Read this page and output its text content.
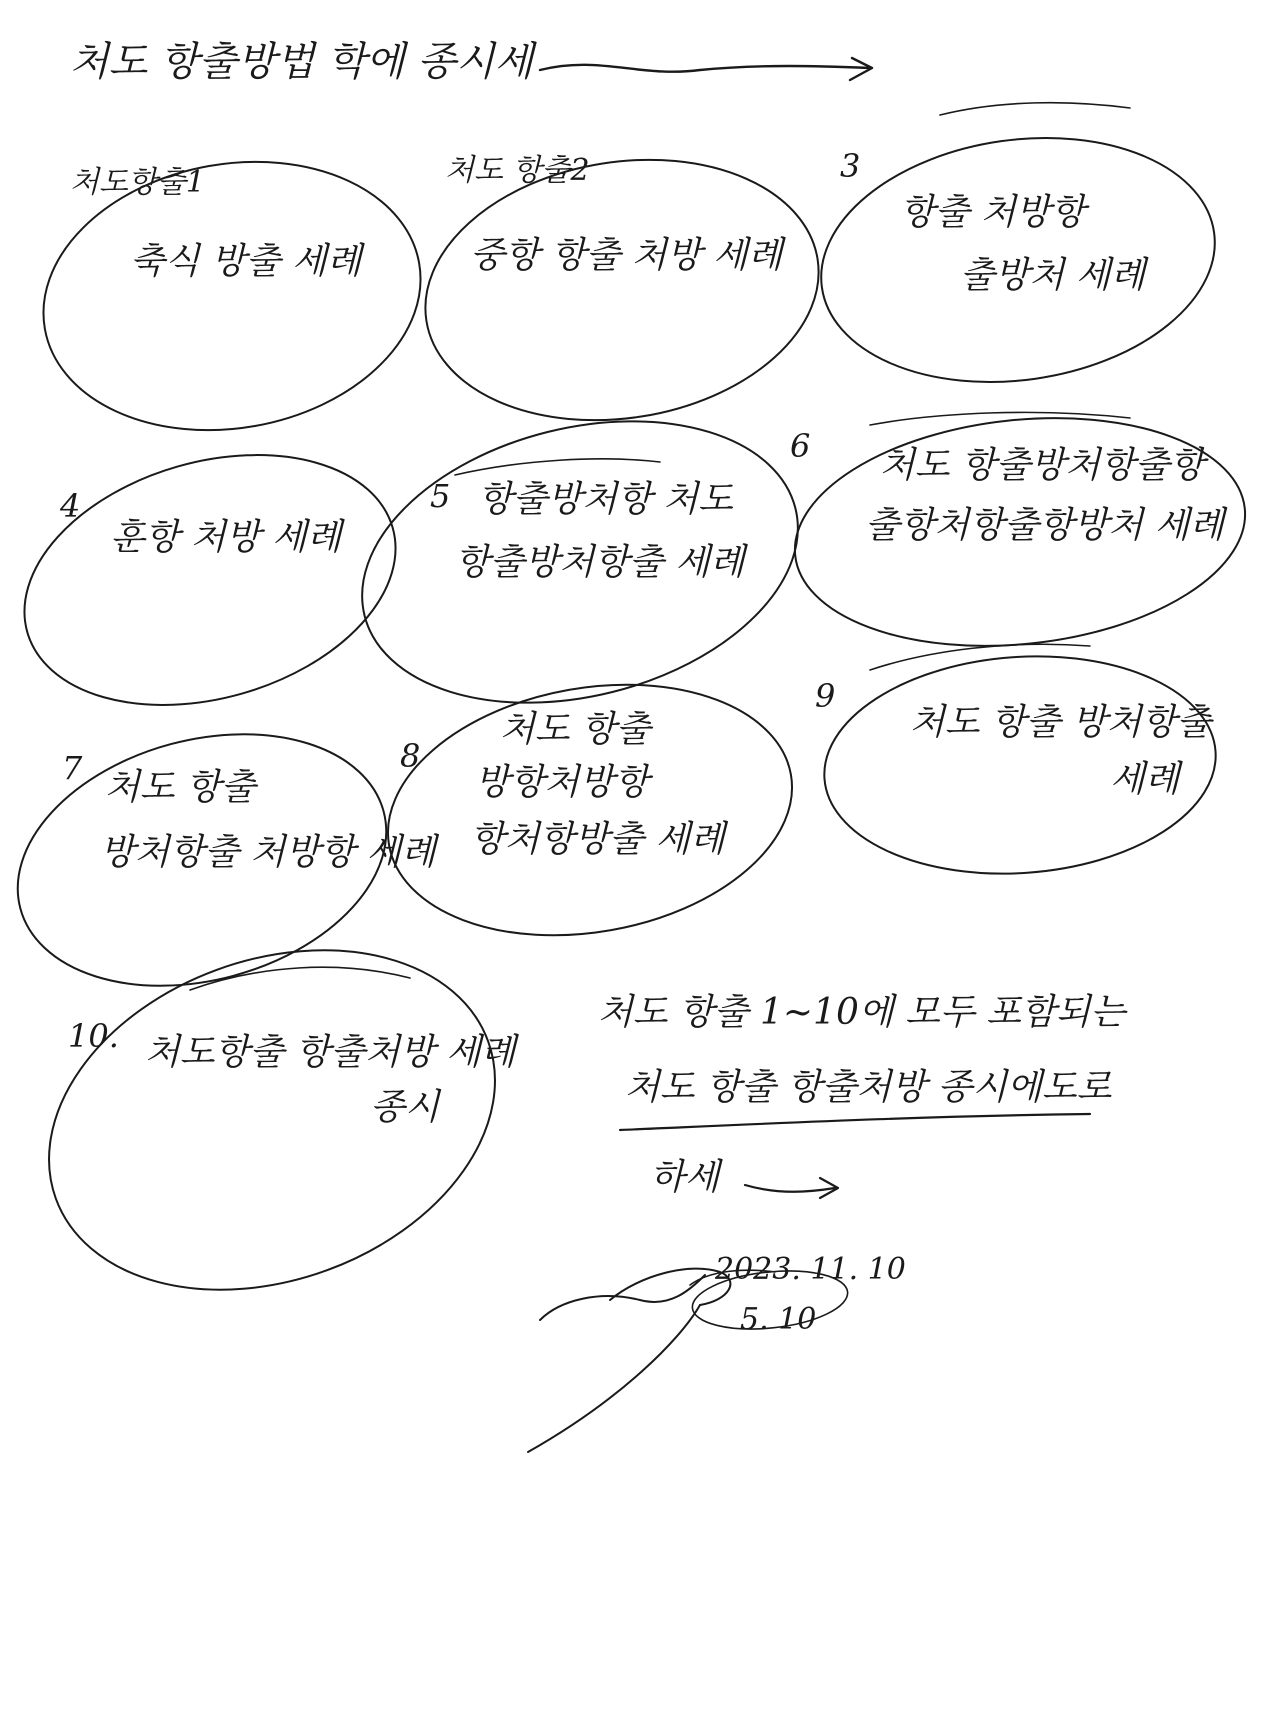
처도 항출방법 학에 종시세
처도항출1
축식 방출 세례
처도 항출2
중항 항출 처방 세례
3
항출 처방항
출방처 세례
4
훈항 처방 세례
5 항출방처항 처도
항출방처항출 세례
6 처도 항출방처항출항
출항처항출항방처 세례
7 처도 항출
방처항출 처방항 세례
8
처도 항출
방항처방항
항처항방출 세례
9
처도 항출 방처항출
세례
10. 처도항출 항출처방 세례
종시
처도 항출 1~10에 모두 포함되는
처도 항출 항출처방 종시에도로
하세
2023. 11. 10
5. 10
